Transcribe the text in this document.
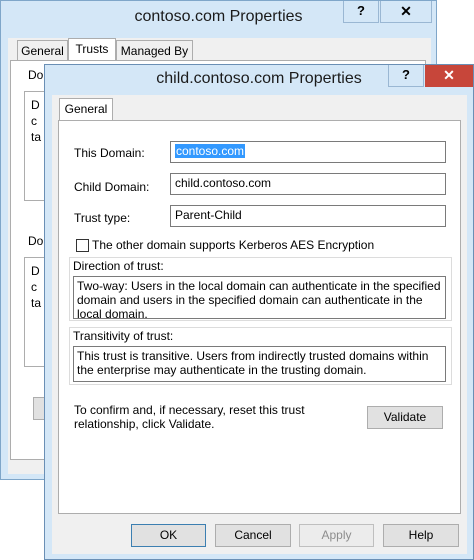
contoso.com Properties	?	✕
General Trusts	Managed By
Do
D
c
ta
Do
D
c
ta
child.contoso.com Properties	?	✕
General
This Domain:	contoso.com
Child Domain:	child.contoso.com
Trust type:	Parent-Child
The other domain supports Kerberos AES Encryption
Direction of trust:
Two-way: Users in the local domain can authenticate in the specified domain and users in the specified domain can authenticate in the local domain.
Transitivity of trust:
This trust is transitive. Users from indirectly trusted domains within the enterprise may authenticate in the trusting domain.
To confirm and, if necessary, reset this trust relationship, click Validate.	Validate
OK	Cancel	Apply	Help
